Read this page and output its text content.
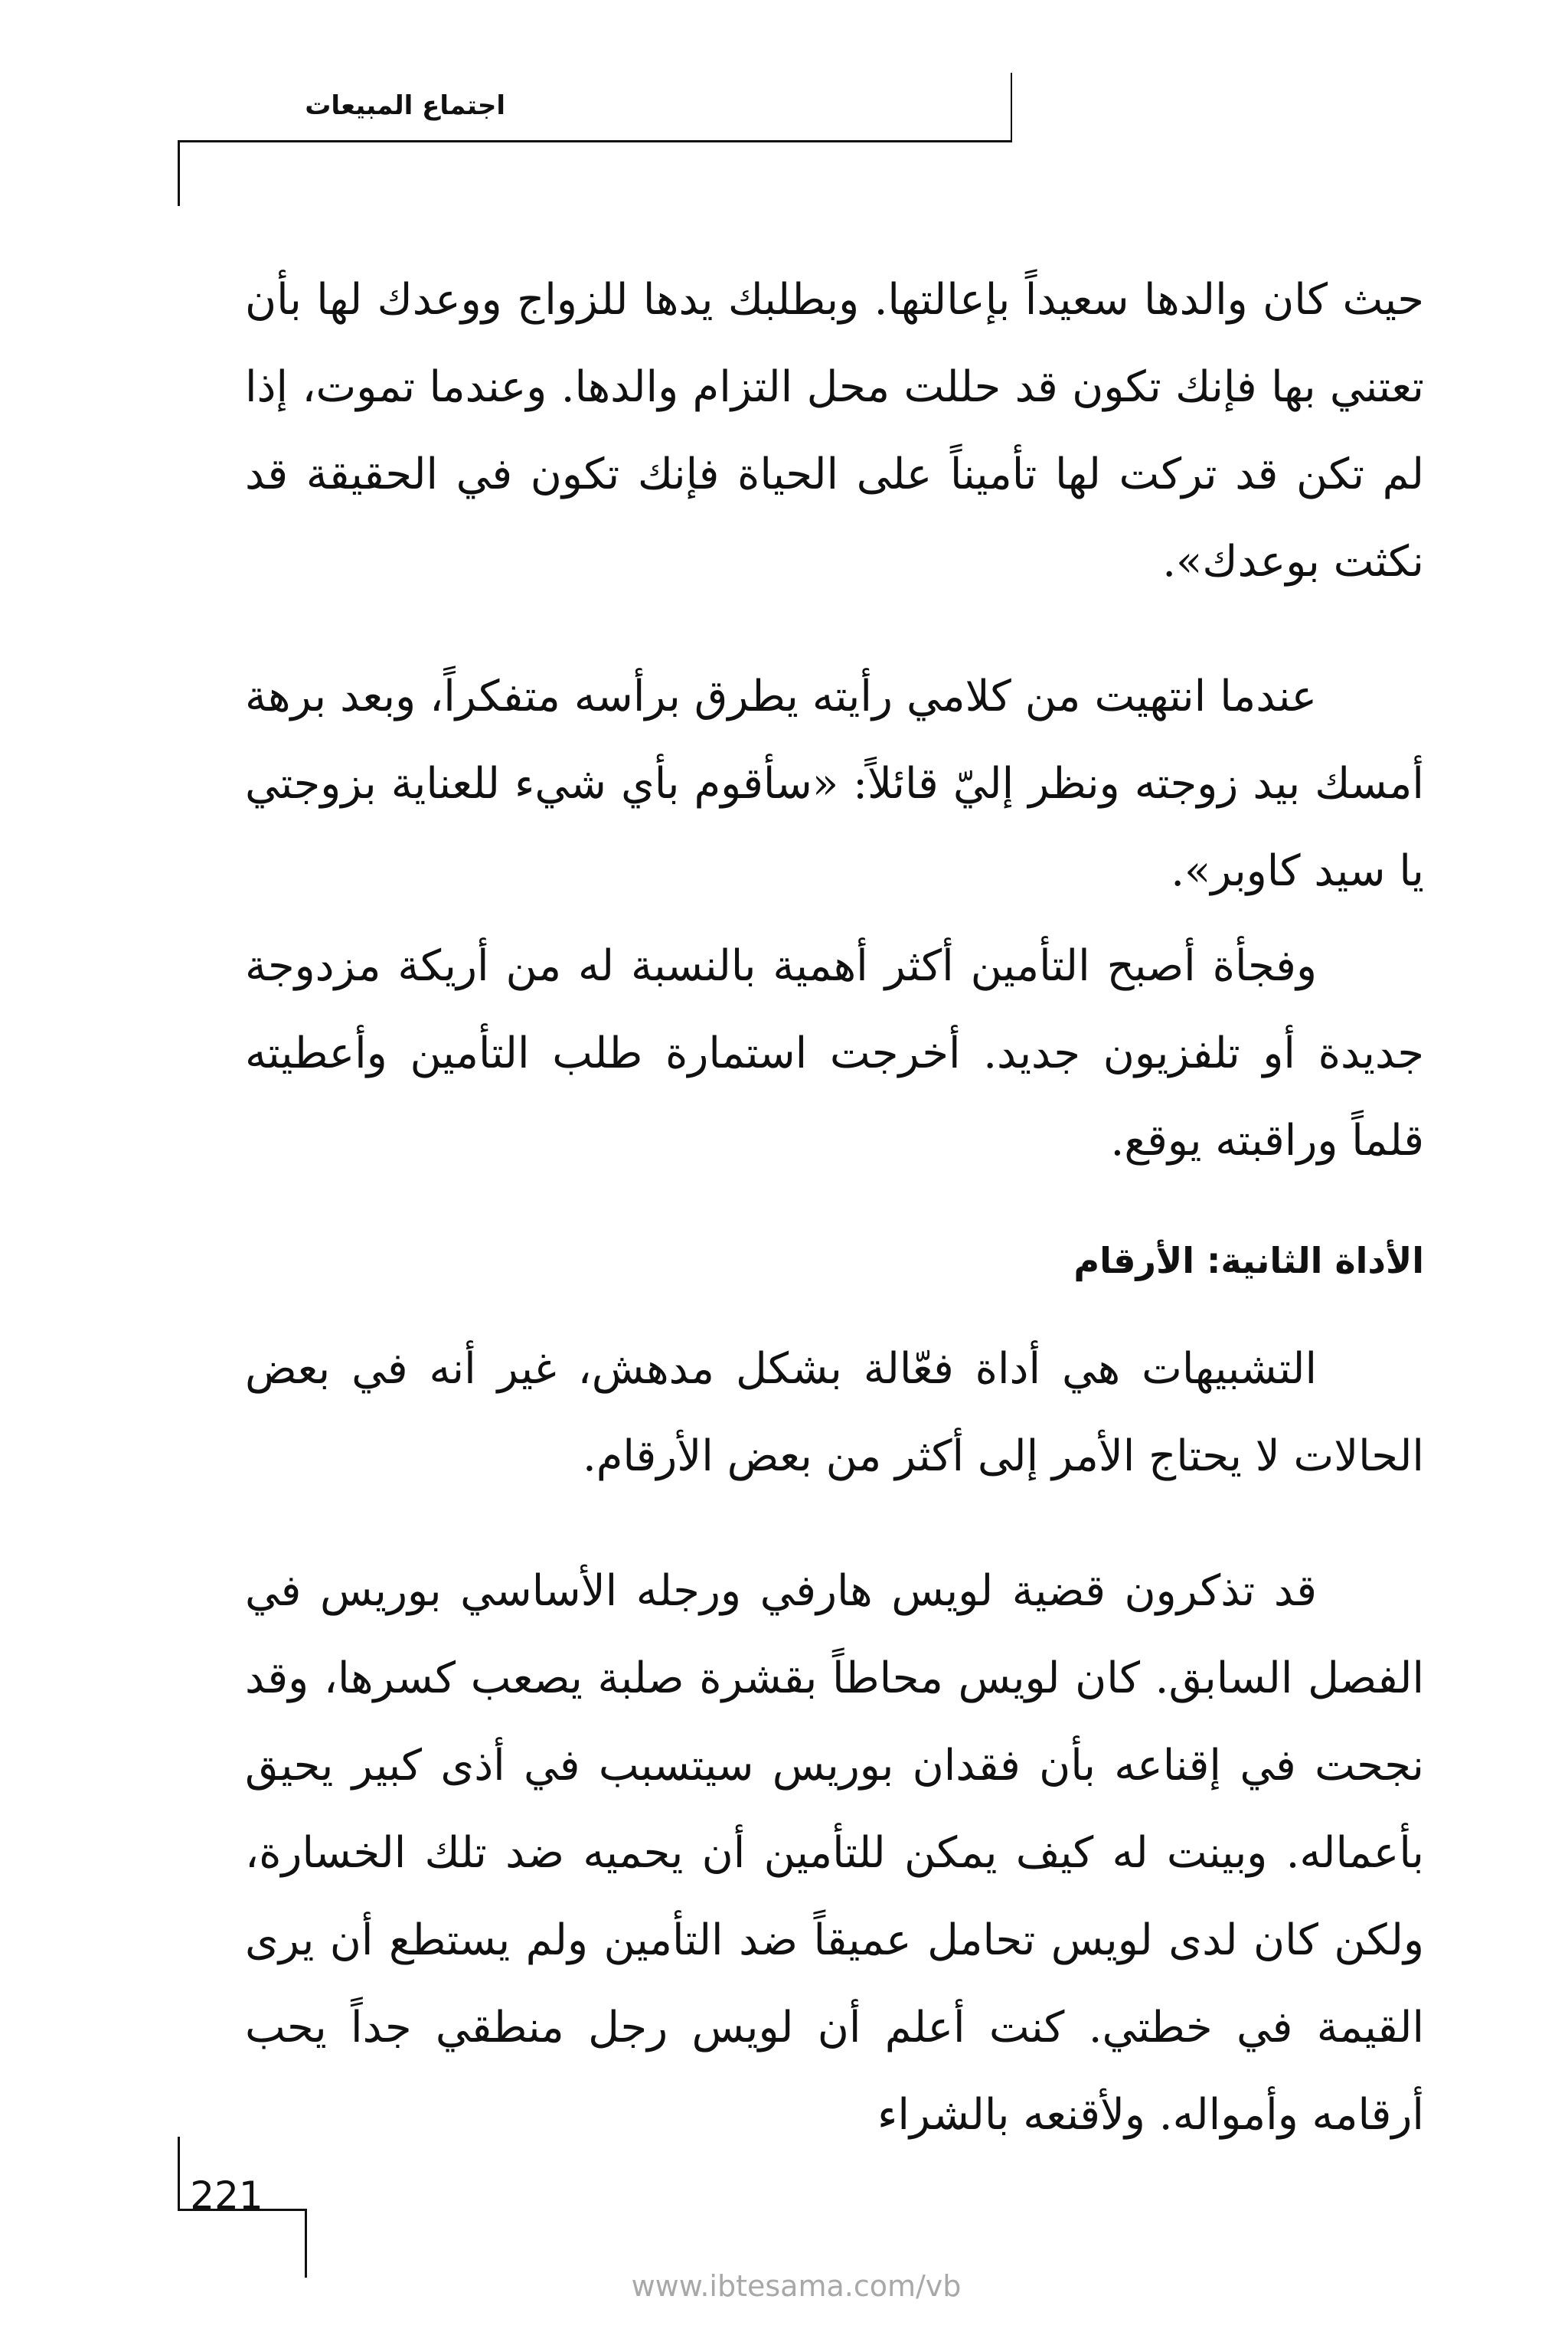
اجتماع المبيعات

حيث كان والدها سعيداً بإعالتها. وبطلبك يدها للزواج ووعدك لها بأن تعتني بها فإنك تكون قد حللت محل التزام والدها. وعندما تموت، إذا لم تكن قد تركت لها تأميناً على الحياة فإنك تكون في الحقيقة قد نكثت بوعدك».

عندما انتهيت من كلامي رأيته يطرق برأسه متفكراً، وبعد برهة أمسك بيد زوجته ونظر إليّ قائلاً: «سأقوم بأي شيء للعناية بزوجتي يا سيد كاوبر».

وفجأة أصبح التأمين أكثر أهمية بالنسبة له من أريكة مزدوجة جديدة أو تلفزيون جديد. أخرجت استمارة طلب التأمين وأعطيته قلماً وراقبته يوقع.

الأداة الثانية: الأرقام

التشبيهات هي أداة فعّالة بشكل مدهش، غير أنه في بعض الحالات لا يحتاج الأمر إلى أكثر من بعض الأرقام.

قد تذكرون قضية لويس هارفي ورجله الأساسي بوريس في الفصل السابق. كان لويس محاطاً بقشرة صلبة يصعب كسرها، وقد نجحت في إقناعه بأن فقدان بوريس سيتسبب في أذى كبير يحيق بأعماله. وبينت له كيف يمكن للتأمين أن يحميه ضد تلك الخسارة، ولكن كان لدى لويس تحامل عميقاً ضد التأمين ولم يستطع أن يرى القيمة في خطتي. كنت أعلم أن لويس رجل منطقي جداً يحب أرقامه وأمواله. ولأقنعه بالشراء

221
www.ibtesama.com/vb
